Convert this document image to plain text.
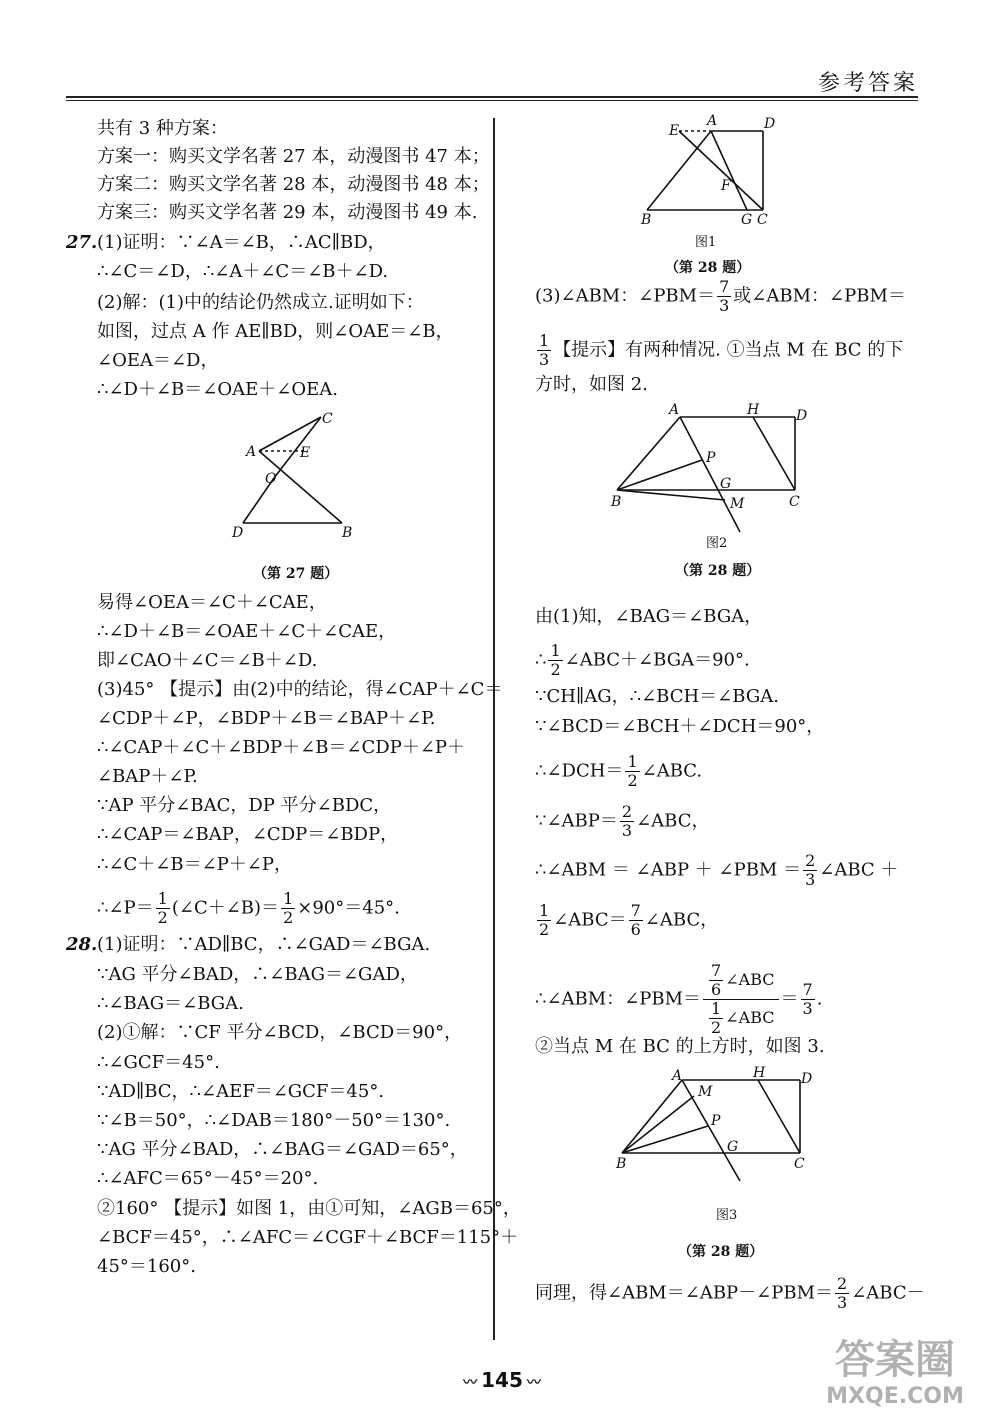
参考答案
共有 3 种方案：
方案一：购买文学名著 27 本，动漫图书 47 本；
方案二：购买文学名著 28 本，动漫图书 48 本；
方案三：购买文学名著 29 本，动漫图书 49 本.
27. (1)证明：∵∠A＝∠B，∴AC∥BD，
∴∠C＝∠D，∴∠A＋∠C＝∠B＋∠D.
(2)解：(1)中的结论仍然成立.证明如下：
如图，过点 A 作 AE∥BD，则∠OAE＝∠B，
∠OEA＝∠D，
∴∠D＋∠B＝∠OAE＋∠OEA.
A
C
E
O
D	B
（第 27 题）
易得∠OEA＝∠C＋∠CAE，
∴∠D＋∠B＝∠OAE＋∠C＋∠CAE，
即∠CAO＋∠C＝∠B＋∠D.
(3)45° 【提示】由(2)中的结论，得∠CAP＋∠C＝
∠CDP＋∠P，∠BDP＋∠B＝∠BAP＋∠P.
∴∠CAP＋∠C＋∠BDP＋∠B＝∠CDP＋∠P＋
∠BAP＋∠P.
∵AP 平分∠BAC，DP 平分∠BDC，
∴∠CAP＝∠BAP，∠CDP＝∠BDP，
∴∠C＋∠B＝∠P＋∠P，
∴∠P＝ $\frac{1}{2}$ (∠C＋∠B)＝ $\frac{1}{2} \times 90^\circ=45^\circ$.
28. (1)证明：∵AD∥BC，∴∠GAD＝∠BGA.
∵AG 平分∠BAD，∴∠BAG＝∠GAD，
∴∠BAG＝∠BGA.
(2)①解：∵CF 平分∠BCD，∠BCD＝90°，
∴∠GCF＝45°.
∵AD∥BC，∴∠AEF＝∠GCF＝45°.
∵∠B＝50°，∴∠DAB＝180°－50°＝130°.
∵AG 平分∠BAD，∴∠BAG＝∠GAD＝65°，
∴∠AFC＝65°－45°＝20°.
②160° 【提示】如图 1，由①可知，∠AGB＝65°，
∠BCF＝45°，∴∠AFC＝∠CGF＋∠BCF＝115°＋
45°＝160°.
E
A	D
F
B	G C
图1
（第 28 题）
(3)∠ABM：∠PBM＝ $\frac{7}{3}$ 或∠ABM：∠PBM＝
$\frac{1}{3}$ 【提示】有两种情况. ①当点 M 在 BC 的下
方时，如图 2.
A	H	D
P
G
M
B	C
图2
（第 28 题）
由(1)知，∠BAG＝∠BGA，
∴ $\frac{1}{2}$ ∠ABC＋∠BGA＝90°.
∵CH∥AG，∴∠BCH＝∠BGA.
∵∠BCD＝∠BCH＋∠DCH＝90°，
∴∠DCH＝ $\frac{1}{2}$ ∠ABC.
∵∠ABP＝ $\frac{2}{3}$ ∠ABC，
∴∠ABM ＝ ∠ABP ＋ ∠PBM ＝ $\frac{2}{3}$ ∠ABC ＋
$\frac{1}{2}$ ∠ABC＝ $\frac{7}{6}$ ∠ABC，
∴∠ABM：∠PBM＝ $\frac{\frac{7}{6} \angle ABC}{\frac{1}{2} \angle ABC} = \frac{7}{3}$ .
②当点 M 在 BC 的上方时，如图 3.
A	H	D
M
P
G
B	C
图3
（第 28 题）
同理，得∠ABM＝∠ABP－∠PBM＝ $\frac{2}{3}$ ∠ABC－
〰 145 〰	答案圈
MXQE.COM
